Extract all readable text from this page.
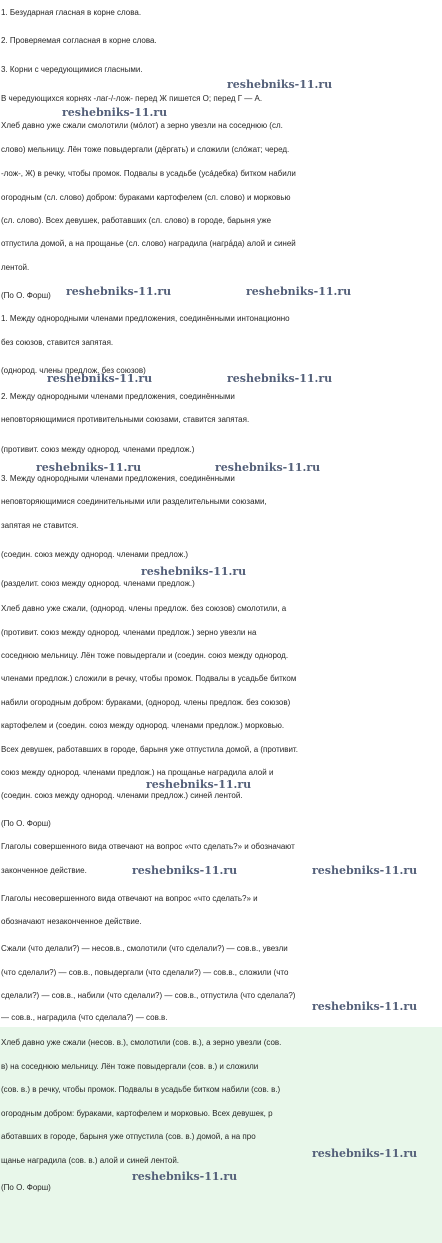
1. Безударная гласная в корне слова.
2. Проверяемая согласная в корне слова.
3. Корни с чередующимися гласными.
В чередующихся корнях -лаг-/-лож- перед Ж пишется О; перед Г — А.
Хлеб давно уже сжали смолотили (мóлот) а зерно увезли на соседнюю (сл.
слово) мельницу. Лён тоже повыдергали (дёргать) и сложили (слóжат; черед.
-лож-, Ж) в речку, чтобы промок. Подвалы в усадьбе (усáдебка) битком набили
огородным (сл. слово) добром: бураками картофелем (сл. слово) и морковью
(сл. слово). Всех девушек, работавших (сл. слово) в городе, барыня уже
отпустила домой, а на прощанье (сл. слово) наградила (награ́да) алой и синей
лентой.
(По О. Форш)
1. Между однородными членами предложения, соединёнными интонационно
без союзов, ставится запятая.
(однород. члены предлож. без союзов)
2. Между однородными членами предложения, соединёнными
неповторяющимися противительными союзами, ставится запятая.
(противит. союз между однород. членами предлож.)
3. Между однородными членами предложения, соединёнными
неповторяющимися соединительными или разделительными союзами,
запятая не ставится.
(соедин. союз между однород. членами предлож.)
(разделит. союз между однород. членами предлож.)
Хлеб давно уже сжали, (однород. члены предлож. без союзов) смолотили, а
(противит. союз между однород. членами предлож.) зерно увезли на
соседнюю мельницу. Лён тоже повыдергали и (соедин. союз между однород.
членами предлож.) сложили в речку, чтобы промок. Подвалы в усадьбе битком
набили огородным добром: бураками, (однород. члены предлож. без союзов)
картофелем и (соедин. союз между однород. членами предлож.) морковью.
Всех девушек, работавших в городе, барыня уже отпустила домой, а (противит.
союз между однород. членами предлож.) на прощанье наградила алой и
(соедин. союз между однород. членами предлож.) синей лентой.
(По О. Форш)
Глаголы совершенного вида отвечают на вопрос «что сделать?» и обозначают
законченное действие.
Глаголы несовершенного вида отвечают на вопрос «что сделать?» и
обозначают незаконченное действие.
Сжали (что делали?) — несов.в., смолотили (что сделали?) — сов.в., увезли
(что сделали?) — сов.в., повыдергали (что сделали?) — сов.в., сложили (что
сделали?) — сов.в., набили (что сделали?) — сов.в., отпустила (что сделала?)
— сов.в., наградила (что сделала?) — сов.в.
Хлеб давно уже сжали (несов. в.), смолотили (сов. в.), а зерно увезли (сов.
в) на соседнюю мельницу. Лён тоже повыдергали (сов. в.) и сложили
(сов. в.) в речку, чтобы промок. Подвалы в усадьбе битком набили (сов. в.)
огородным добром: бураками, картофелем и морковью. Всех девушек, р
аботавших в городе, барыня уже отпустила (сов. в.) домой, а на про
щанье наградила (сов. в.) алой и синей лентой.
(По О. Форш)
reshebniks-11.ru
reshebniks-11.ru
reshebniks-11.ru	reshebniks-11.ru
reshebniks-11.ru	reshebniks-11.ru
reshebniks-11.ru	reshebniks-11.ru
reshebniks-11.ru
reshebniks-11.ru
reshebniks-11.ru	reshebniks-11.ru
reshebniks-11.ru
reshebniks-11.ru
reshebniks-11.ru
